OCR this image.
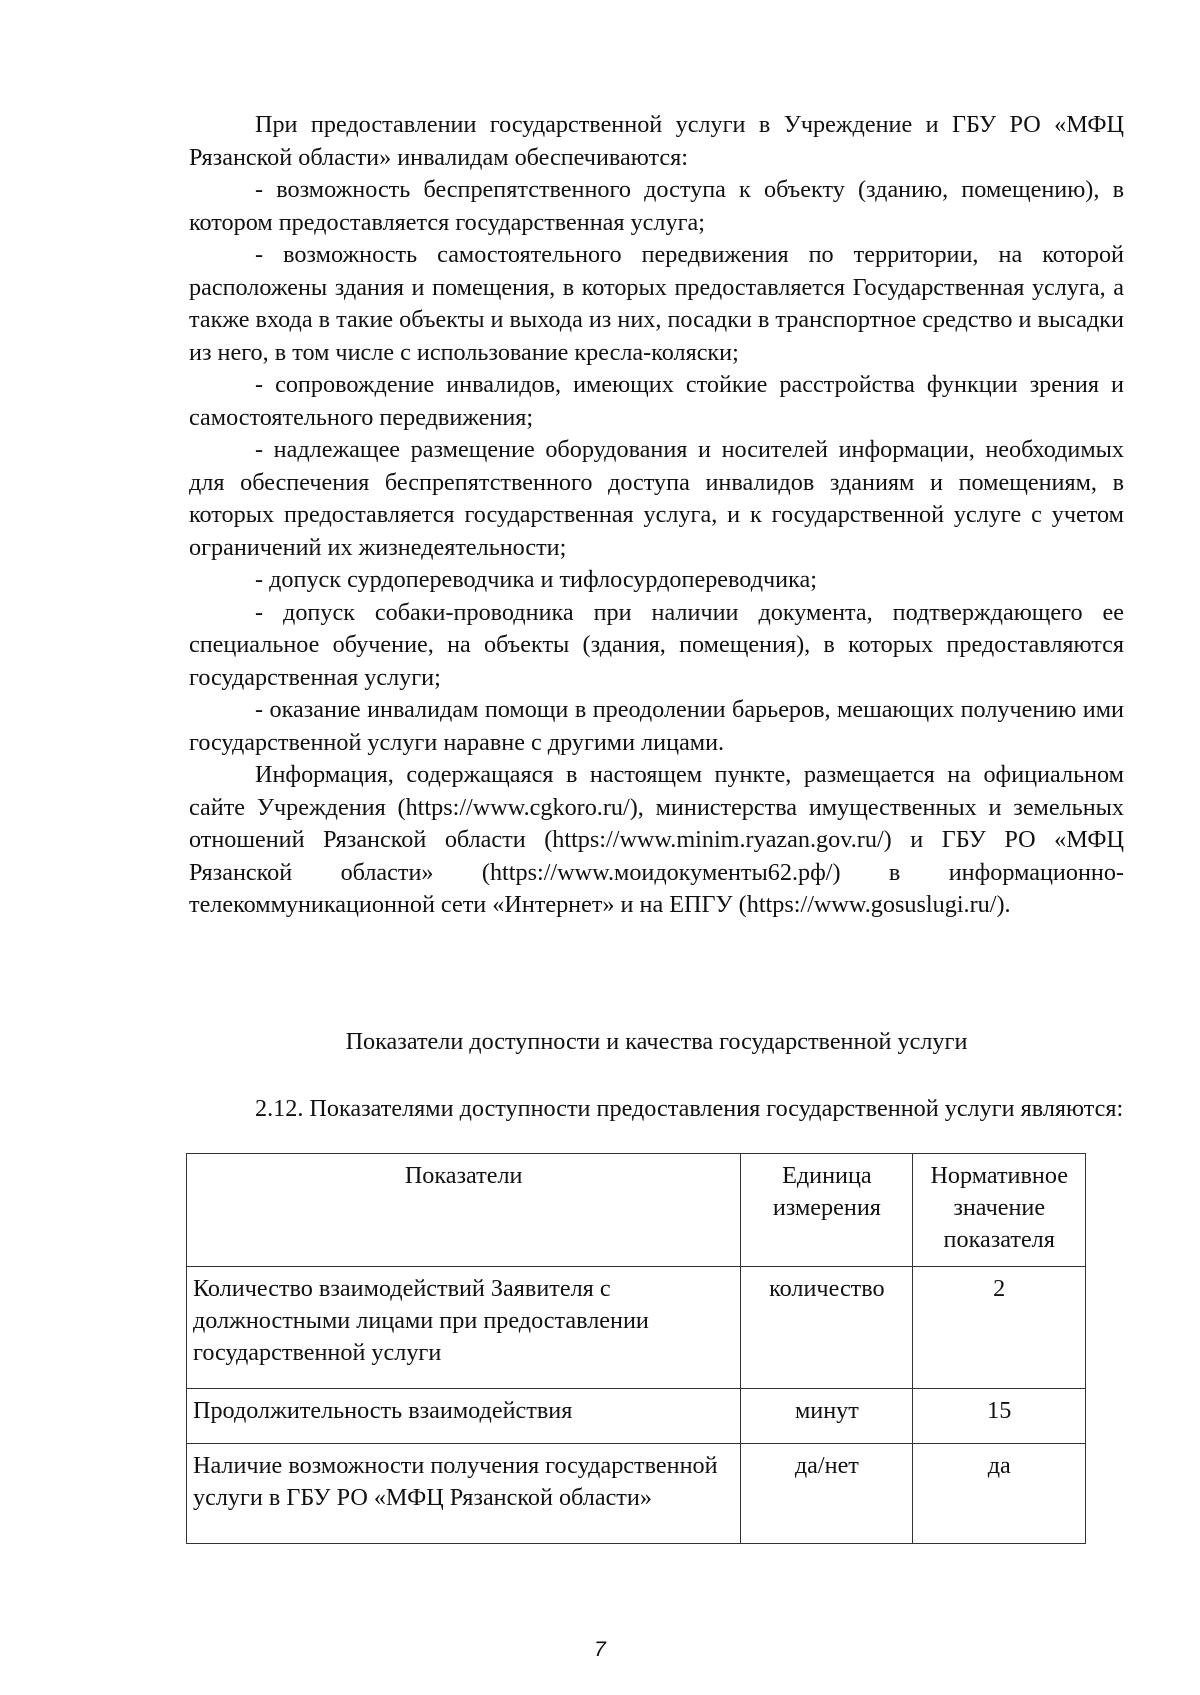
При предоставлении государственной услуги в Учреждение и ГБУ РО «МФЦ Рязанской области» инвалидам обеспечиваются:

- возможность беспрепятственного доступа к объекту (зданию, помещению), в котором предоставляется государственная услуга;

- возможность самостоятельного передвижения по территории, на которой расположены здания и помещения, в которых предоставляется Государственная услуга, а также входа в такие объекты и выхода из них, посадки в транспортное средство и высадки из него, в том числе с использование кресла-коляски;

- сопровождение инвалидов, имеющих стойкие расстройства функции зрения и самостоятельного передвижения;

- надлежащее размещение оборудования и носителей информации, необходимых для обеспечения беспрепятственного доступа инвалидов зданиям и помещениям, в которых предоставляется государственная услуга, и к государственной услуге с учетом ограничений их жизнедеятельности;

- допуск сурдопереводчика и тифлосурдопереводчика;

- допуск собаки-проводника при наличии документа, подтверждающего ее специальное обучение, на объекты (здания, помещения), в которых предоставляются государственная услуги;

- оказание инвалидам помощи в преодолении барьеров, мешающих получению ими государственной услуги наравне с другими лицами.

Информация, содержащаяся в настоящем пункте, размещается на официальном сайте Учреждения (https://www.cgkoro.ru/), министерства имущественных и земельных отношений Рязанской области (https://www.minim.ryazan.gov.ru/) и ГБУ РО «МФЦ Рязанской области» (https://www.моидокументы62.рф/) в информационно-телекоммуникационной сети «Интернет» и на ЕПГУ (https://www.gosuslugi.ru/).

Показатели доступности и качества государственной услуги

2.12. Показателями доступности предоставления государственной услуги являются:

Показатели	Единица измерения	Нормативное значение показателя
Количество взаимодействий Заявителя с должностными лицами при предоставлении государственной услуги	количество	2
Продолжительность взаимодействия	минут	15
Наличие возможности получения государственной услуги в ГБУ РО «МФЦ Рязанской области»	да/нет	да
7
